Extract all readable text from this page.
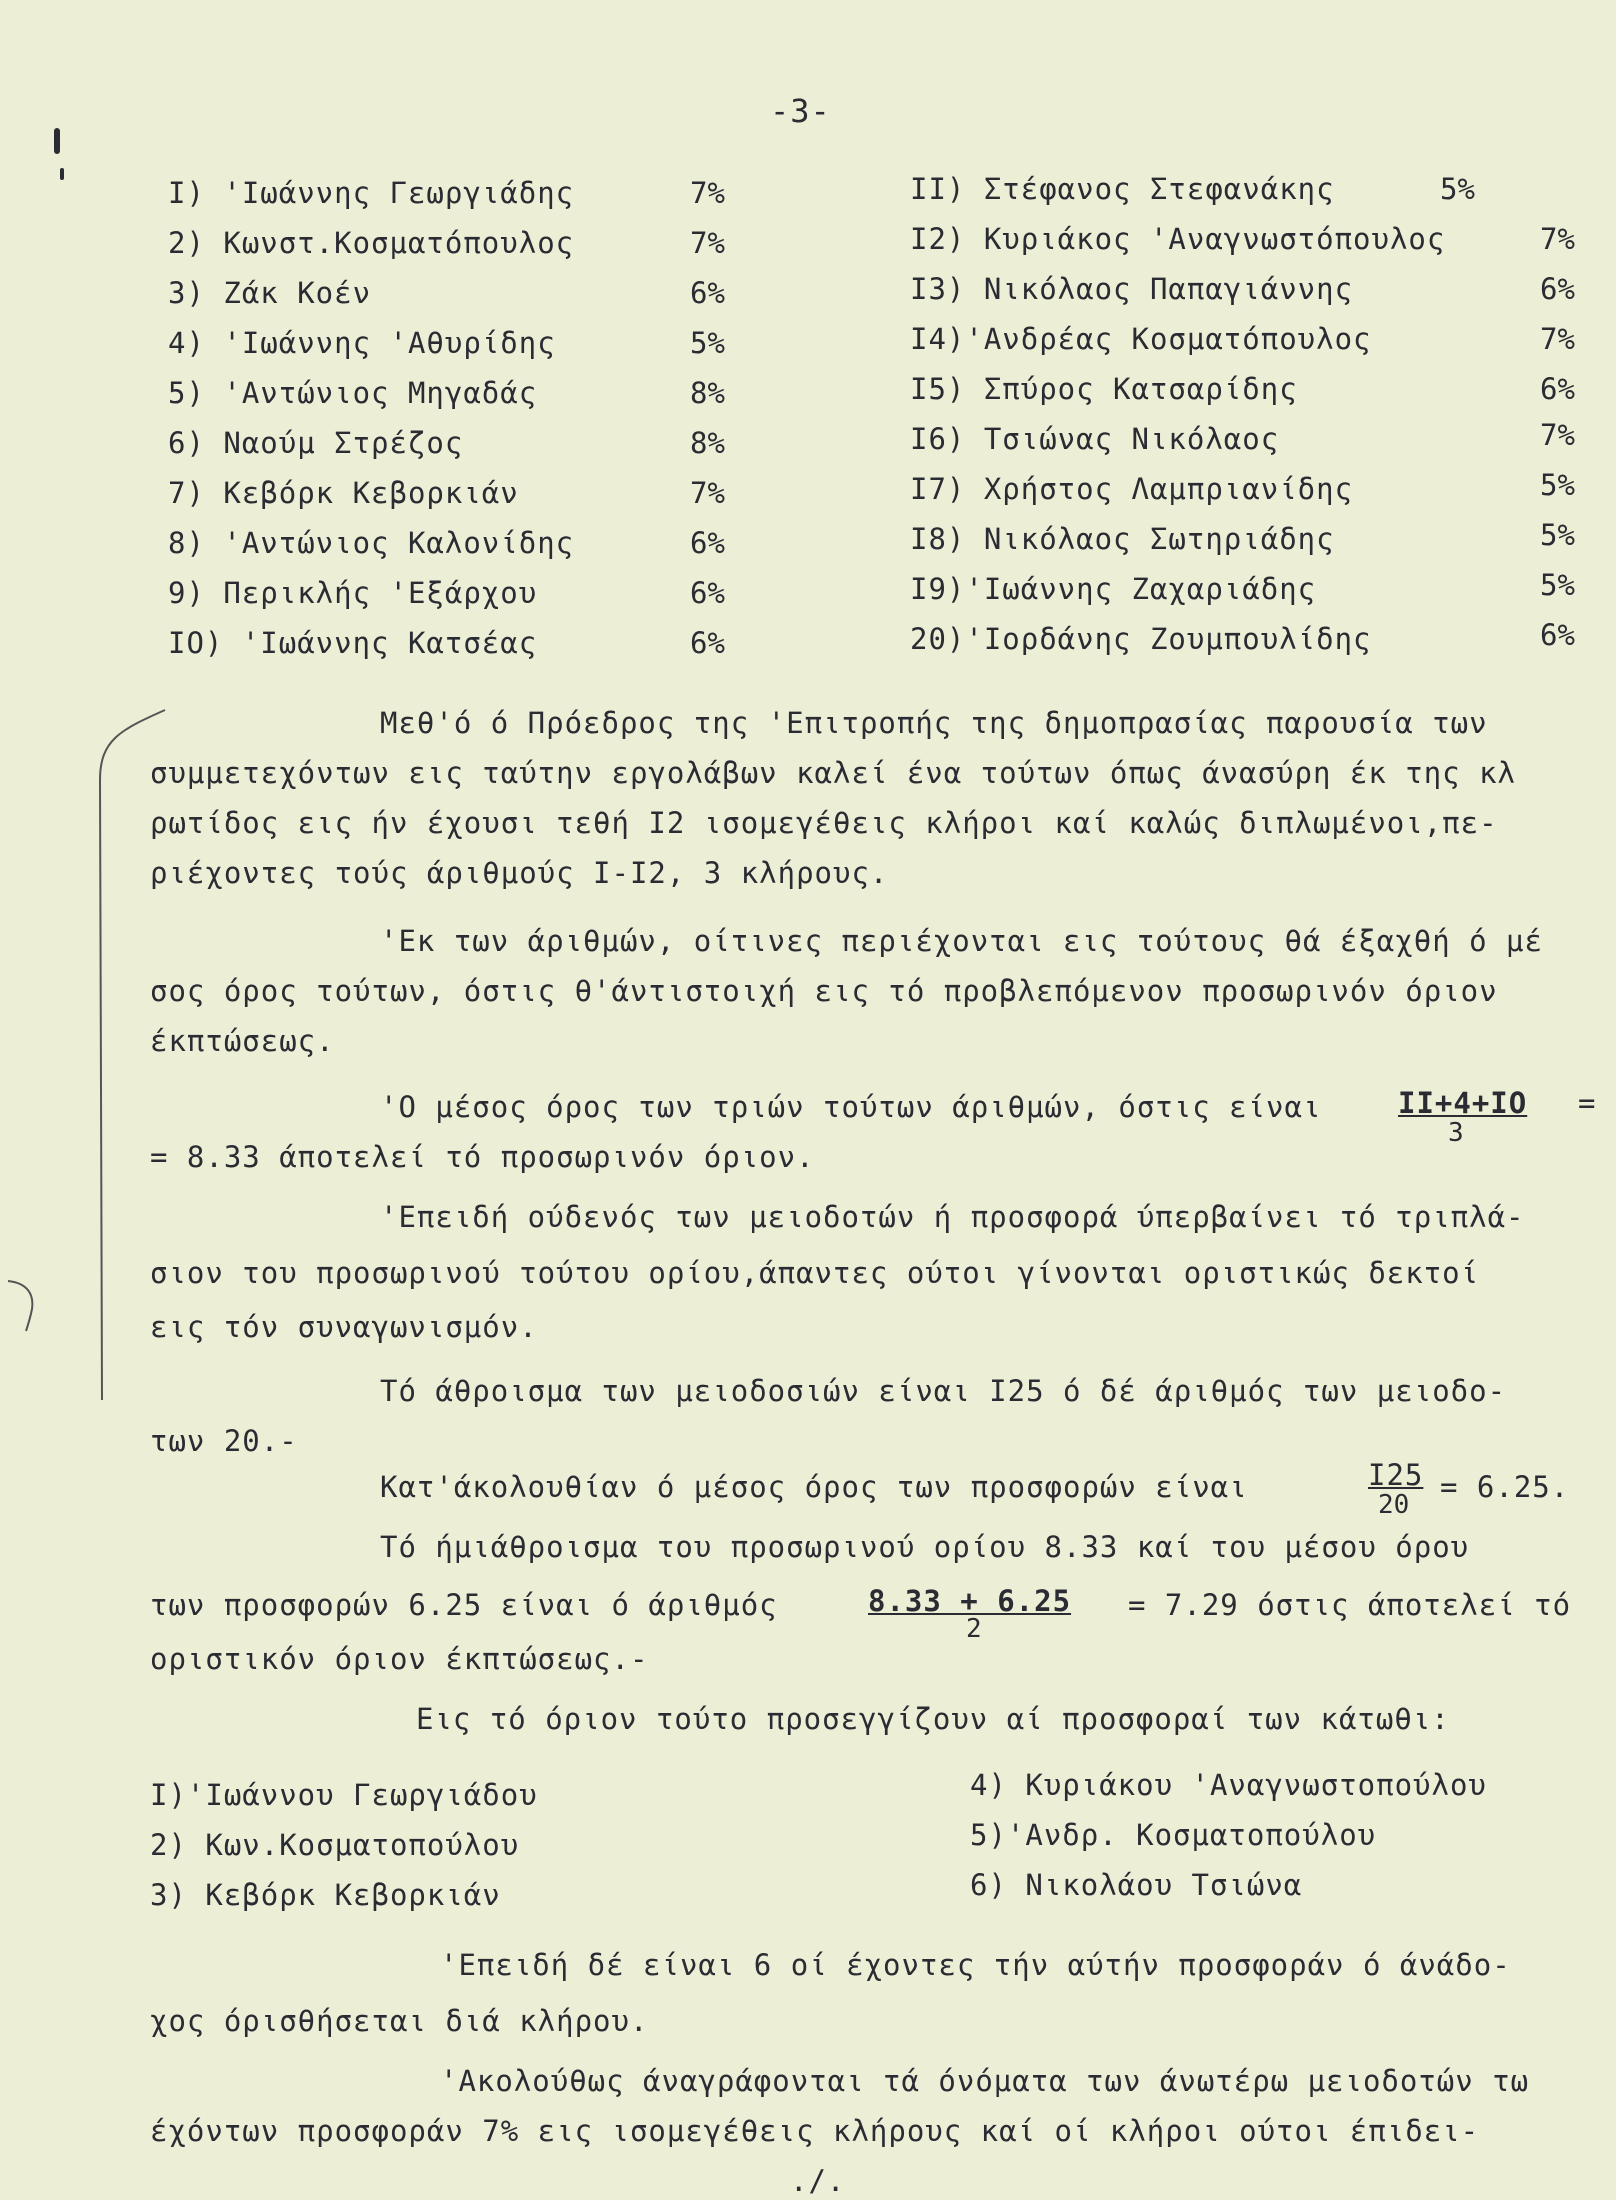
-3-
I) 'Ιωάννης Γεωργιάδης	7%
2) Κωνστ.Κοσματόπουλος	7%
3) Ζάκ Κοέν	6%
4) 'Ιωάννης 'Αθυρίδης	5%
5) 'Αντώνιος Μηγαδάς	8%
6) Ναούμ Στρέζος	8%
7) Κεβόρκ Κεβορκιάν	7%
8) 'Αντώνιος Καλονίδης	6%
9) Περικλής 'Εξάρχου	6%
IO) 'Ιωάννης Κατσέας	6%
II) Στέφανος Στεφανάκης	5%
I2) Κυριάκος 'Αναγνωστόπουλος	7%
I3) Νικόλαος Παπαγιάννης	6%
I4)'Ανδρέας Κοσματόπουλος	7%
I5) Σπύρος Κατσαρίδης	6%
I6) Τσιώνας Νικόλαος	7%
I7) Χρήστος Λαμπριανίδης	5%
I8) Νικόλαος Σωτηριάδης	5%
I9)'Ιωάννης Ζαχαριάδης	5%
20)'Ιορδάνης Ζουμπουλίδης	6%
Μεθ'ό ό Πρόεδρος της 'Επιτροπής της δημοπρασίας παρουσία των
συμμετεχόντων εις ταύτην εργολάβων καλεί ένα τούτων όπως άνασύρη έκ της κλ
ρωτίδος εις ήν έχουσι τεθή I2 ισομεγέθεις κλήροι καί καλώς διπλωμένοι,πε-
ριέχοντες τούς άριθμούς I-I2, 3 κλήρους.
'Εκ των άριθμών, οίτινες περιέχονται εις τούτους θά έξαχθή ό μέ
σος όρος τούτων, όστις θ'άντιστοιχή εις τό προβλεπόμενον προσωρινόν όριον
έκπτώσεως.
'Ο μέσος όρος των τριών τούτων άριθμών, όστις είναι	II+4+IO
3
=
= 8.33 άποτελεί τό προσωρινόν όριον.
'Επειδή ούδενός των μειοδοτών ή προσφορά ύπερβαίνει τό τριπλά-
σιον του προσωρινού τούτου ορίου,άπαντες ούτοι γίνονται οριστικώς δεκτοί
εις τόν συναγωνισμόν.
Τό άθροισμα των μειοδοσιών είναι I25 ό δέ άριθμός των μειοδο-
των 20.-
Κατ'άκολουθίαν ό μέσος όρος των προσφορών είναι	I25
20
= 6.25.
Τό ήμιάθροισμα του προσωρινού ορίου 8.33 καί του μέσου όρου
των προσφορών 6.25 είναι ό άριθμός	8.33 + 6.25
2
= 7.29 όστις άποτελεί τό
οριστικόν όριον έκπτώσεως.-
Εις τό όριον τούτο προσεγγίζουν αί προσφοραί των κάτωθι:
I)'Ιωάννου Γεωργιάδου
2) Κων.Κοσματοπούλου
3) Κεβόρκ Κεβορκιάν
4) Κυριάκου 'Αναγνωστοπούλου
5)'Ανδρ. Κοσματοπούλου
6) Νικολάου Τσιώνα
'Επειδή δέ είναι 6 οί έχοντες τήν αύτήν προσφοράν ό άνάδο-
χος όρισθήσεται διά κλήρου.
'Ακολούθως άναγράφονται τά όνόματα των άνωτέρω μειοδοτών τω
έχόντων προσφοράν 7% εις ισομεγέθεις κλήρους καί οί κλήροι ούτοι έπιδει-
./.
